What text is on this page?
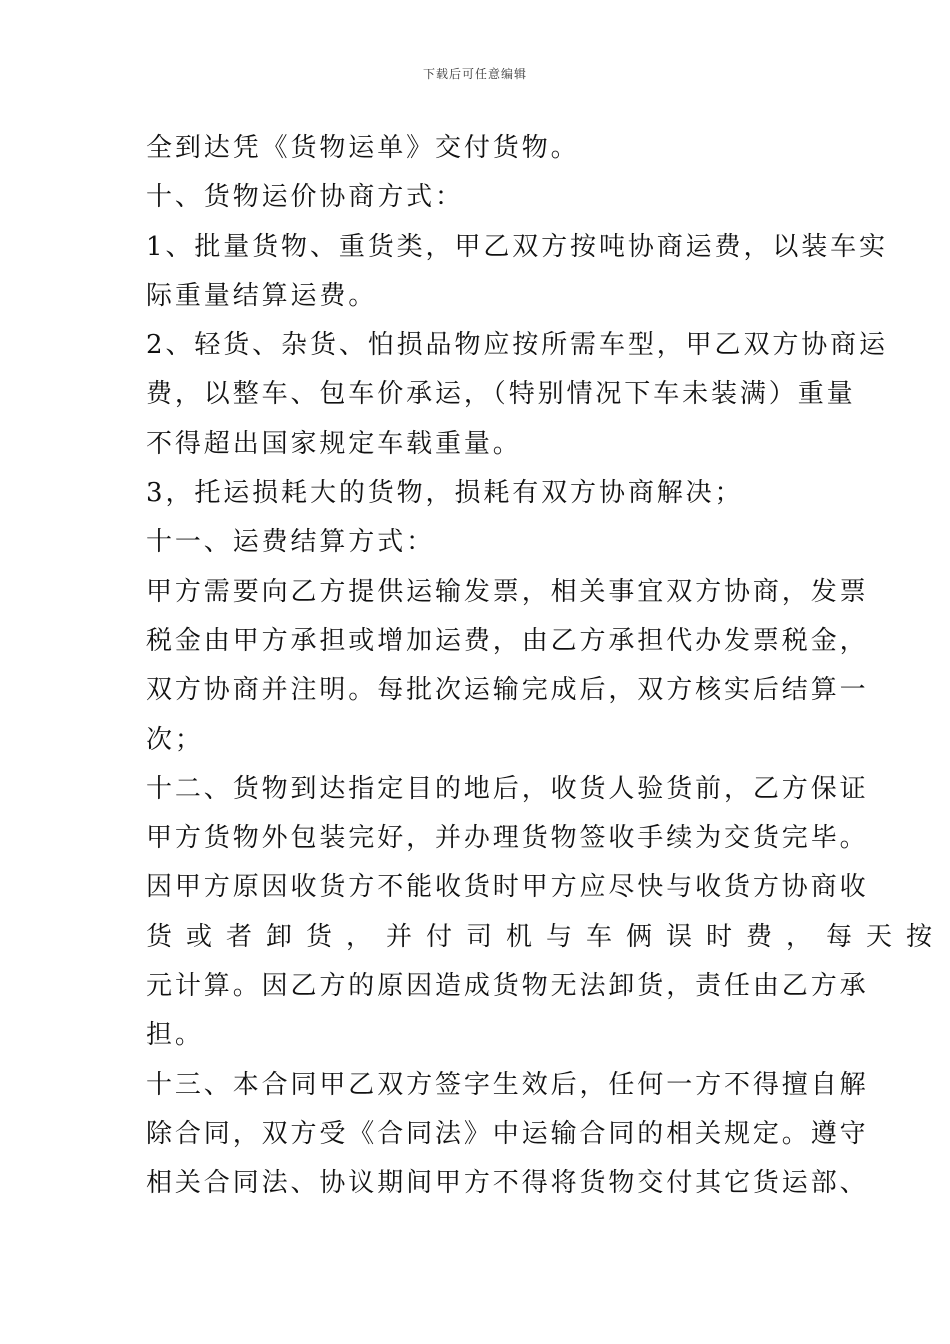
下载后可任意编辑
全到达凭《货物运单》交付货物。
十、货物运价协商方式：
1、批量货物、重货类，甲乙双方按吨协商运费，以装车实
际重量结算运费。
2、轻货、杂货、怕损品物应按所需车型，甲乙双方协商运
费，以整车、包车价承运，（特别情况下车未装满）重量
不得超出国家规定车载重量。
3，托运损耗大的货物，损耗有双方协商解决；
十一、运费结算方式：
甲方需要向乙方提供运输发票，相关事宜双方协商，发票
税金由甲方承担或增加运费，由乙方承担代办发票税金，
双方协商并注明。每批次运输完成后，双方核实后结算一
次；
十二、货物到达指定目的地后，收货人验货前，乙方保证
甲方货物外包装完好，并办理货物签收手续为交货完毕。
因甲方原因收货方不能收货时甲方应尽快与收货方协商收
货或者卸货，并付司机与车俩误时费，每天按
元计算。因乙方的原因造成货物无法卸货，责任由乙方承
担。
十三、本合同甲乙双方签字生效后，任何一方不得擅自解
除合同，双方受《合同法》中运输合同的相关规定。遵守
相关合同法、协议期间甲方不得将货物交付其它货运部、
